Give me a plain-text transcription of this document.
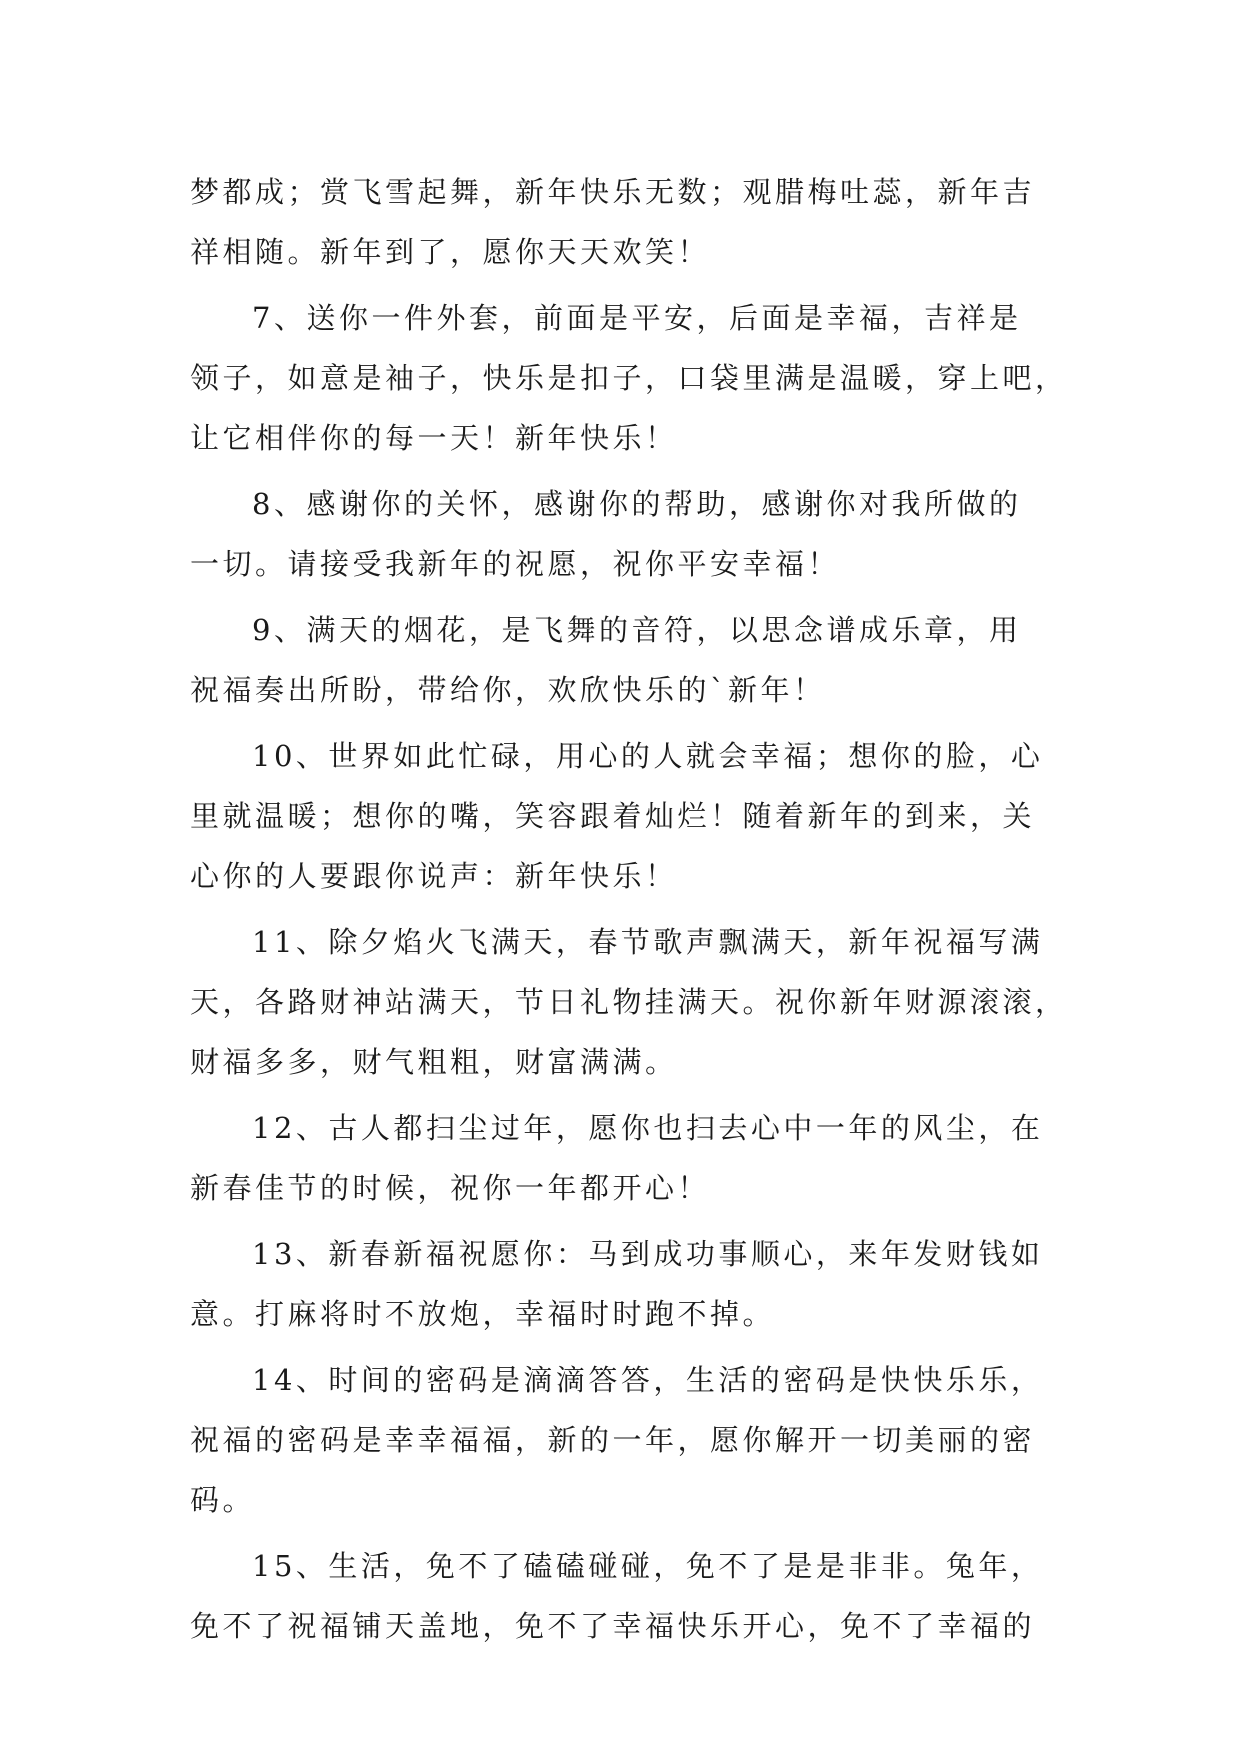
梦都成；赏飞雪起舞，新年快乐无数；观腊梅吐蕊，新年吉
祥相随。新年到了，愿你天天欢笑！
7、送你一件外套，前面是平安，后面是幸福，吉祥是
领子，如意是袖子，快乐是扣子，口袋里满是温暖，穿上吧，
让它相伴你的每一天！新年快乐！
8、感谢你的关怀，感谢你的帮助，感谢你对我所做的
一切。请接受我新年的祝愿，祝你平安幸福！
9、满天的烟花，是飞舞的音符，以思念谱成乐章，用
祝福奏出所盼，带给你，欢欣快乐的`新年！
10、世界如此忙碌，用心的人就会幸福；想你的脸，心
里就温暖；想你的嘴，笑容跟着灿烂！随着新年的到来，关
心你的人要跟你说声：新年快乐！
11、除夕焰火飞满天，春节歌声飘满天，新年祝福写满
天，各路财神站满天，节日礼物挂满天。祝你新年财源滚滚，
财福多多，财气粗粗，财富满满。
12、古人都扫尘过年，愿你也扫去心中一年的风尘，在
新春佳节的时候，祝你一年都开心！
13、新春新福祝愿你：马到成功事顺心，来年发财钱如
意。打麻将时不放炮，幸福时时跑不掉。
14、时间的密码是滴滴答答，生活的密码是快快乐乐，
祝福的密码是幸幸福福，新的一年，愿你解开一切美丽的密
码。
15、生活，免不了磕磕碰碰，免不了是是非非。兔年，
免不了祝福铺天盖地，免不了幸福快乐开心，免不了幸福的
